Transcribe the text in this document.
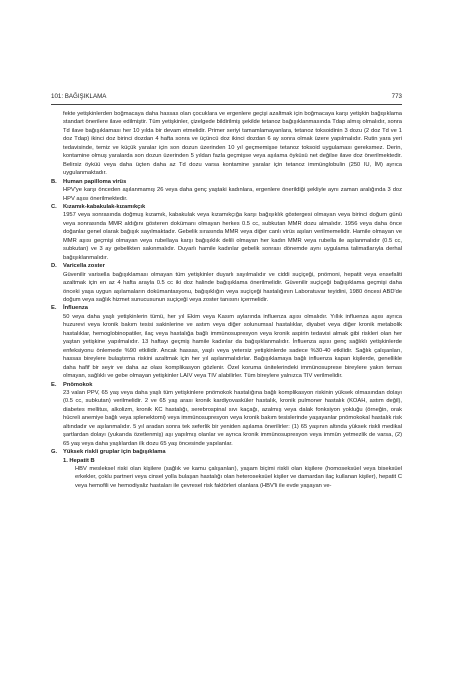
101: BAĞIŞIKLAMA	773

fekte yetişkinlerden boğmacaya daha hassas olan çocuklara ve ergenlere geçişi azaltmak için boğmacaya karşı yetişkin bağışıklama standart önerilere ilave edilmiştir. Tüm yetişkinler, çizelgede bildirilmiş şekilde tetanoz bağışıklanmasında Tdap almış olmalıdır, sonra Td ilave bağışıklaması her 10 yılda bir devam etmelidir. Primer seriyi tamamlamayanlara, tetanoz toksoidinin 3 dozu (2 doz Td ve 1 doz Tdap) ikinci doz birinci dozdan 4 hafta sonra ve üçüncü doz ikinci dozdan 6 ay sonra olmak üzere yapılmalıdır. Rutin yara yeri tedavisinde, temiz ve küçük yaralar için son dozun üzerinden 10 yıl geçmemişse tetanoz toksoid uygulaması gereksmez. Derin, kontamine olmuş yaralarda son dozun üzerinden 5 yıldan fazla geçmişse veya aşılama öyküsü net değilse ilave doz önerilmektedir. Belirsiz öyküü veya daha üçten daha az Td dozu varsa kontamine yaralar için tetanoz immünglobulin (250 IU, İM) ayrıca uygulanmaktadır.

B.	Human papilloma virüs

HPV'ye karşı önceden aşılanmamış 26 veya daha genç yaştaki kadınlara, ergenlere önerildiği şekliyle aynı zaman aralığında 3 doz HPV aşısı önerilmektedir.

C.	Kızamık-kabakulak-kızamıkçık

1957 veya sonrasında doğmuş kızamık, kabakulak veya kızamıkçığa karşı bağışıklık göstergesi olmayan veya birinci doğum günü veya sonrasında MMR aldığını gösteren dokümanı olmayan herkes 0.5 cc, subkutan MMR dozu almalıdır. 1956 veya daha önce doğanlar genel olarak bağışık sayılmaktadır. Gebelik sırasında MMR veya diğer canlı virüs aşıları verilmemelidir. Hamile olmayan ve MMR aşısı geçmişi olmayan veya rubellaya karşı bağışıklık delili olmayan her kadın MMR veya rubella ile aşılanmalıdır (0.5 cc, subkutan) ve 3 ay gebelikten sakınmalıdır. Duyarlı hamile kadınlar gebelik sonrası dönemde aynı uygulama talimatlarıyla derhal bağışıklanmalıdır.

D.	Varicella zoster

Güvenilir varisella bağışıklaması olmayan tüm yetişkinler duyarlı sayılmalıdır ve ciddi suçiçeği, pnömoni, hepatit veya ensefaliti azaltmak için en az 4 hafta arayla 0.5 cc iki doz halinde bağışıklama önerilmelidir. Güvenilir suçiçeği bağışıklama geçmişi daha önceki yaşa uygun aşılamaların dokümantasyonu, bağışıklığın veya suçiçeği hastalığının Laboratuvar teyidini, 1980 öncesi ABD'de doğum veya sağlık hizmet sunucusunun suçiçeği veya zoster tanısını içermelidir.

E.	İnfluenza

50 veya daha yaşlı yetişkinlerin tümü, her yıl Ekim veya Kasım aylarında influenza aşısı olmalıdır. Yıllık influenza aşısı ayrıca huzurevi veya kronik bakım tesisi sakinlerine ve astım veya diğer solunumsal hastalıklar, diyabet veya diğer kronik metabolik hastalıklar, hemoglobinopatiler, ilaç veya hastalığa bağlı immünosupresyon veya kronik aspirin tedavisi almak gibi riskleri olan her yaştan yetişkine yapılmalıdır. 13 haftayı geçmiş hamile kadınlar da bağışıklanmalıdır. İnfluenza aşısı genç sağlıklı yetişkinlerde enfeksiyonu önlemede %90 etkilidir. Ancak hassas, yaşlı veya yetersiz yetişkinlerde sadece %30-40 etkilidir. Sağlık çalışanları, hassas bireylere bulaştırma riskini azaltmak için her yıl aşılanmalıdırlar. Bağışıklamaya bağlı influenza kapan kişilerde, genellikle daha hafif bir seyir ve daha az olası komplikasyon gözlenir. Özel koruma ünitelerindeki immünosuprese bireylere yakın temas olmayan, sağlıklı ve gebe olmayan yetişkinler LAIV veya TIV alabilirler. Tüm bireylere yalnızca TIV verilmelidir.

E.	Pnömokok

23 valan PPV, 65 yaş veya daha yaşlı tüm yetişkinlere pnömokok hastalığına bağlı komplikasyon riskinin yüksek olmasından dolayı (0.5 cc, subkutan) verilmelidir. 2 ve 65 yaş arası kronik kardiyovasküler hastalık, kronik pulmoner hastalık (KOAH, astım değil), diabetes mellitus, alkolizm, kronik KC hastalığı, serebrospinal sıvı kaçağı, azalmış veya dalak fonksiyon yokluğu (örneğin, orak hücreli anemiye bağlı veya splenektomi) veya immünosupresyon veya kronik bakım tesislerinde yaşayanlar pnömokokal hastalık risk altındadır ve aşılanmalıdır. 5 yıl aradan sonra tek seferlik bir yeniden aşılama önerilirler: (1) 65 yaşının altında yüksek riskli medikal şartlardan dolayı (yukarıda özetlenmiş) aşı yapılmış olanlar ve ayrıca kronik immünosupresyon veya immün yetmezlik de varsa, (2) 65 yaş veya daha yaşlılardan ilk dozu 65 yaş öncesinde yapılanlar.

G.	Yüksek riskli gruplar için bağışıklama

1. Hepatit B

HBV mesleksel riski olan kişilere (sağlık ve kamu çalışanları), yaşam biçimi riskli olan kişilere (homoseksüel veya biseksüel erkekler, çoklu partneri veya cinsel yolla bulaşan hastalığı olan heteroseksüel kişiler ve damardan ilaç kullanan kişiler), hepatit C veya hemofili ve hemodiyaliz hastaları ile çevresel risk faktörleri olanlara (HBV'li ile evde yaşayan ve-
